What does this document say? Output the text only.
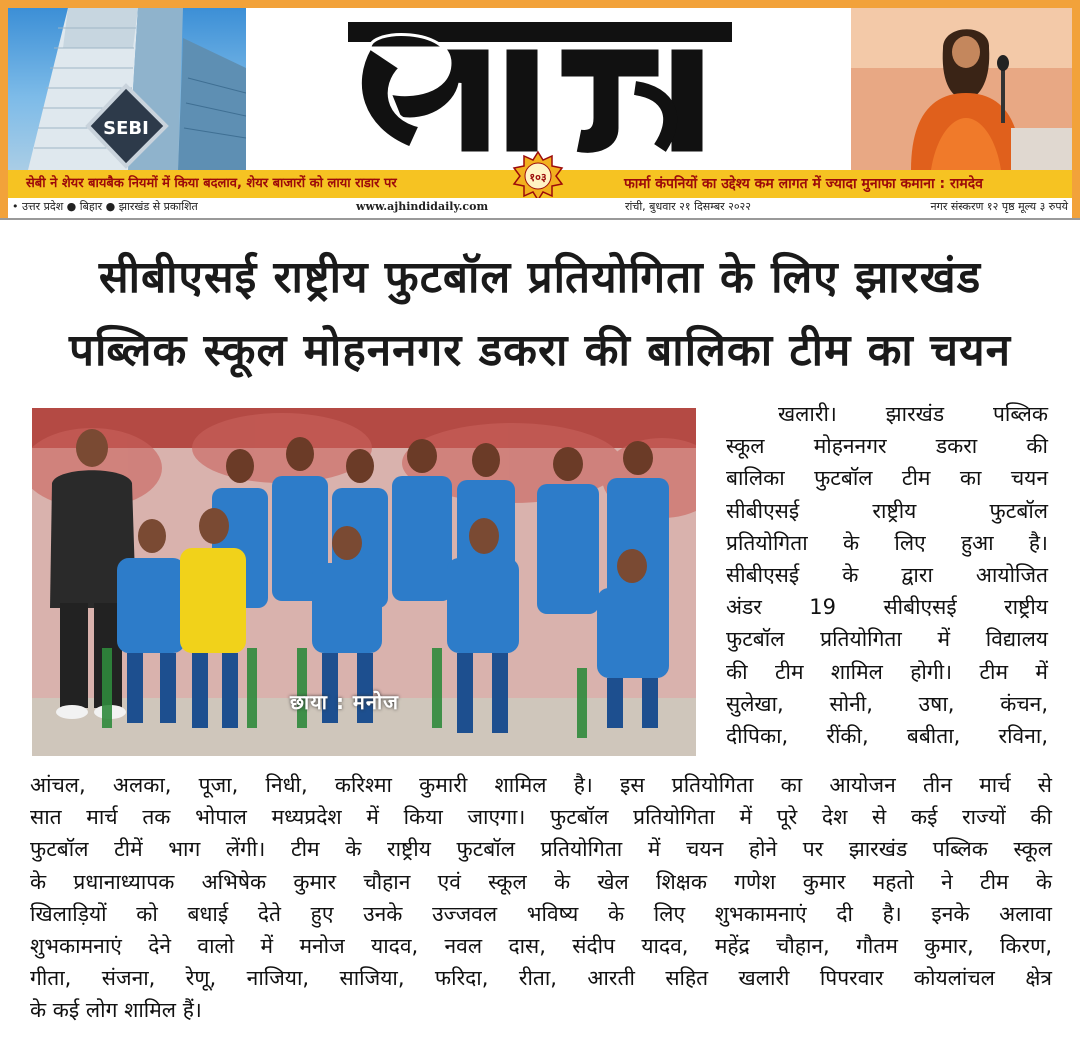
SEBI
सेबी ने शेयर बायबैक नियमों में किया बदलाव, शेयर बाजारों को लाया राडार पर	फार्मा कंपनियों का उद्देश्य कम लागत में ज्यादा मुनाफा कमाना : रामदेव
१०३
• उत्तर प्रदेश ● बिहार ● झारखंड से प्रकाशित	www.ajhindidaily.com	रांची, बुधवार २१ दिसम्बर २०२२	नगर संस्करण १२ पृष्ठ मूल्य ३ रुपये
सीबीएसई राष्ट्रीय फुटबॉल प्रतियोगिता के लिए झारखंड
पब्लिक स्कूल मोहननगर डकरा की बालिका टीम का चयन
छाया : मनोज
खलारी। झारखंड पब्लिक
स्कूल मोहननगर डकरा की
बालिका फुटबॉल टीम का चयन
सीबीएसई राष्ट्रीय फुटबॉल
प्रतियोगिता के लिए हुआ है।
सीबीएसई के द्वारा आयोजित
अंडर 19 सीबीएसई राष्ट्रीय
फुटबॉल प्रतियोगिता में विद्यालय
की टीम शामिल होगी। टीम में
सुलेखा, सोनी, उषा, कंचन,
दीपिका, रींकी, बबीता, रविना,
आंचल, अलका, पूजा, निधी, करिश्मा कुमारी शामिल है। इस प्रतियोगिता का आयोजन तीन मार्च से
सात मार्च तक भोपाल मध्यप्रदेश में किया जाएगा। फुटबॉल प्रतियोगिता में पूरे देश से कई राज्यों की
फुटबॉल टीमें भाग लेंगी। टीम के राष्ट्रीय फुटबॉल प्रतियोगिता में चयन होने पर झारखंड पब्लिक स्कूल
के प्रधानाध्यापक अभिषेक कुमार चौहान एवं स्कूल के खेल शिक्षक गणेश कुमार महतो ने टीम के
खिलाड़ियों को बधाई देते हुए उनके उज्जवल भविष्य के लिए शुभकामनाएं दी है। इनके अलावा
शुभकामनाएं देने वालो में मनोज यादव, नवल दास, संदीप यादव, महेंद्र चौहान, गौतम कुमार, किरण,
गीता, संजना, रेणू, नाजिया, साजिया, फरिदा, रीता, आरती सहित खलारी पिपरवार कोयलांचल क्षेत्र
के कई लोग शामिल हैं।
